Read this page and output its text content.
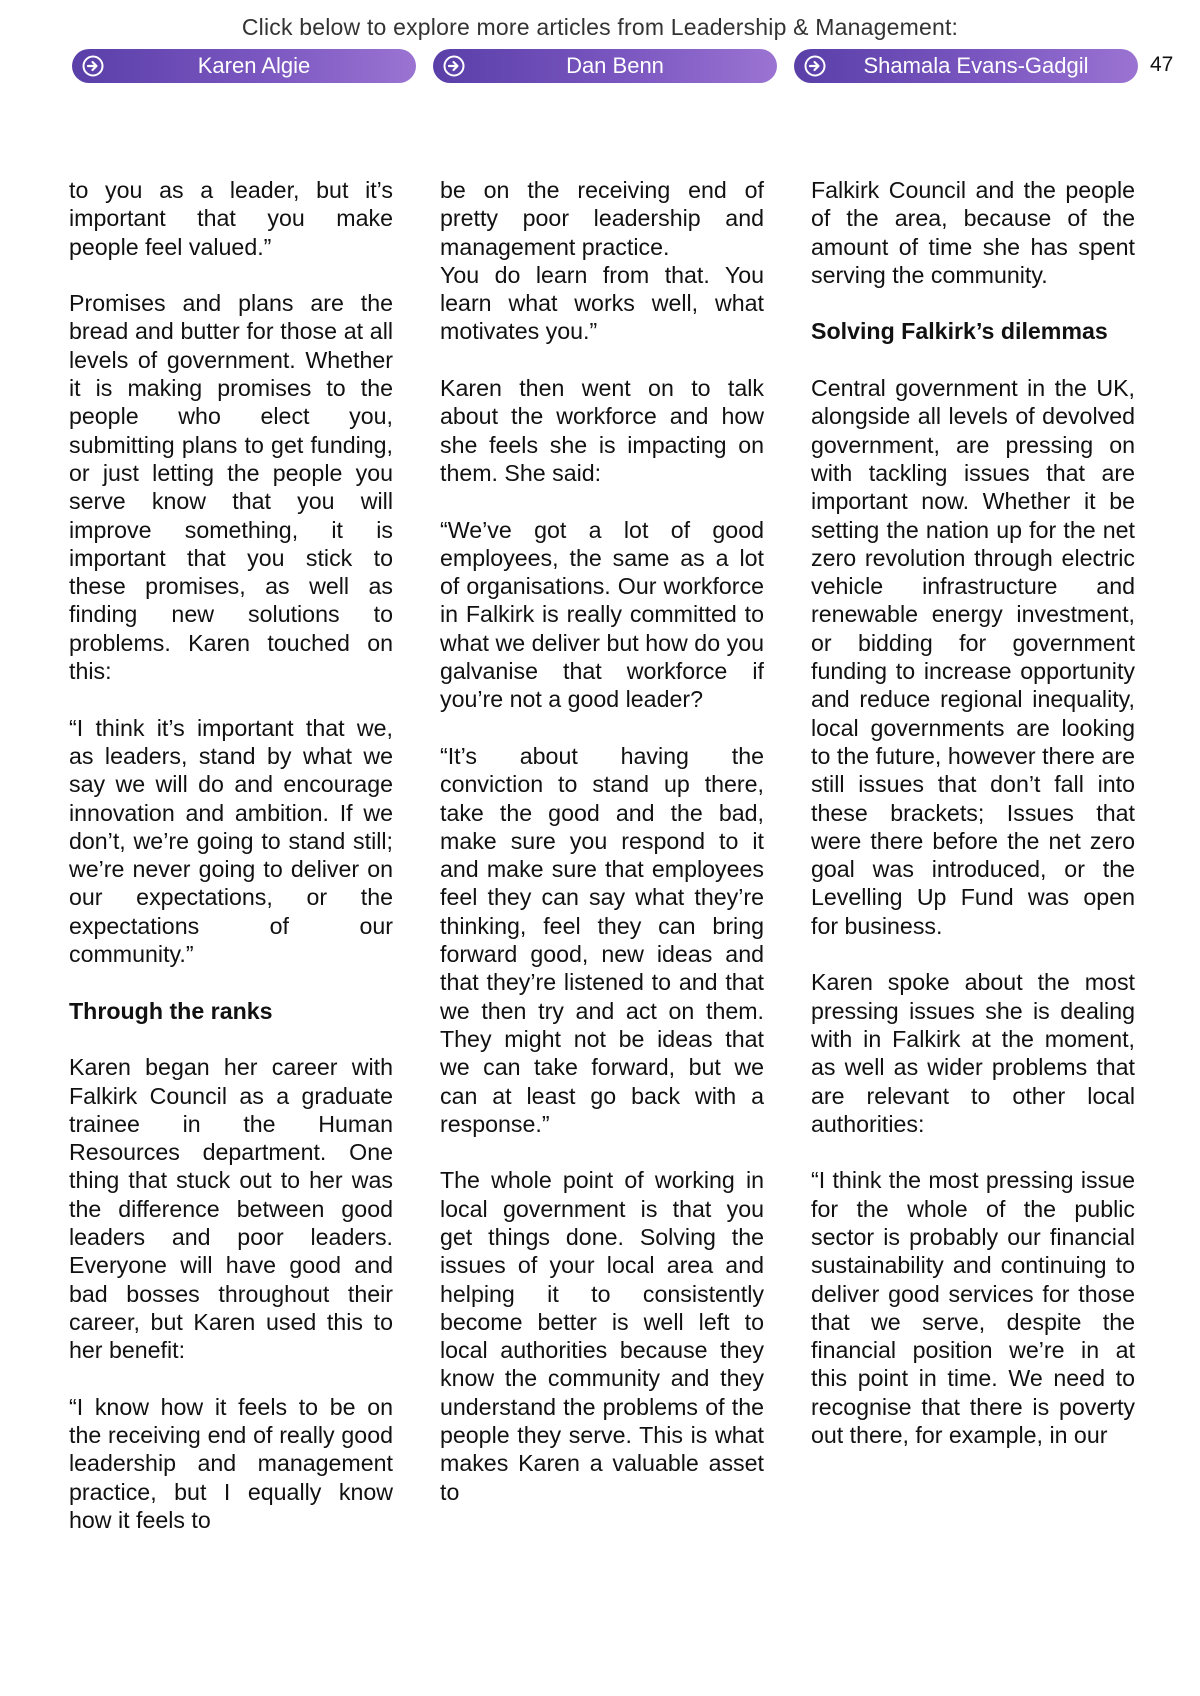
Click below to explore more articles from Leadership & Management:
Karen Algie	Dan Benn	Shamala Evans-Gadgil	47

to you as a leader, but it’s important that you make people feel valued.”

Promises and plans are the bread and butter for those at all levels of government. Whether it is making promises to the people who elect you, submitting plans to get funding, or just letting the people you serve know that you will improve something, it is important that you stick to these promises, as well as finding new solutions to problems. Karen touched on this:

“I think it’s important that we, as leaders, stand by what we say we will do and encourage innovation and ambition. If we don’t, we’re going to stand still; we’re never going to deliver on our expectations, or the expectations of our community.”

Through the ranks

Karen began her career with Falkirk Council as a graduate trainee in the Human Resources department. One thing that stuck out to her was the difference between good leaders and poor leaders. Everyone will have good and bad bosses throughout their career, but Karen used this to her benefit:

“I know how it feels to be on the receiving end of really good leadership and management practice, but I equally know how it feels to

be on the receiving end of pretty poor leadership and management practice.

You do learn from that. You learn what works well, what motivates you.”

Karen then went on to talk about the workforce and how she feels she is impacting on them. She said:

“We’ve got a lot of good employees, the same as a lot of organisations. Our workforce in Falkirk is really committed to what we deliver but how do you galvanise that workforce if you’re not a good leader?

“It’s about having the conviction to stand up there, take the good and the bad, make sure you respond to it and make sure that employees feel they can say what they’re thinking, feel they can bring forward good, new ideas and that they’re listened to and that we then try and act on them. They might not be ideas that we can take forward, but we can at least go back with a response.”

The whole point of working in local government is that you get things done. Solving the issues of your local area and helping it to consistently become better is well left to local authorities because they know the community and they understand the problems of the people they serve. This is what makes Karen a valuable asset to

Falkirk Council and the people of the area, because of the amount of time she has spent serving the community.

Solving Falkirk’s dilemmas

Central government in the UK, alongside all levels of devolved government, are pressing on with tackling issues that are important now. Whether it be setting the nation up for the net zero revolution through electric vehicle infrastructure and renewable energy investment, or bidding for government funding to increase opportunity and reduce regional inequality, local governments are looking to the future, however there are still issues that don’t fall into these brackets; Issues that were there before the net zero goal was introduced, or the Levelling Up Fund was open for business.

Karen spoke about the most pressing issues she is dealing with in Falkirk at the moment, as well as wider problems that are relevant to other local authorities:

“I think the most pressing issue for the whole of the public sector is probably our financial sustainability and continuing to deliver good services for those that we serve, despite the financial position we’re in at this point in time. We need to recognise that there is poverty out there, for example, in our
